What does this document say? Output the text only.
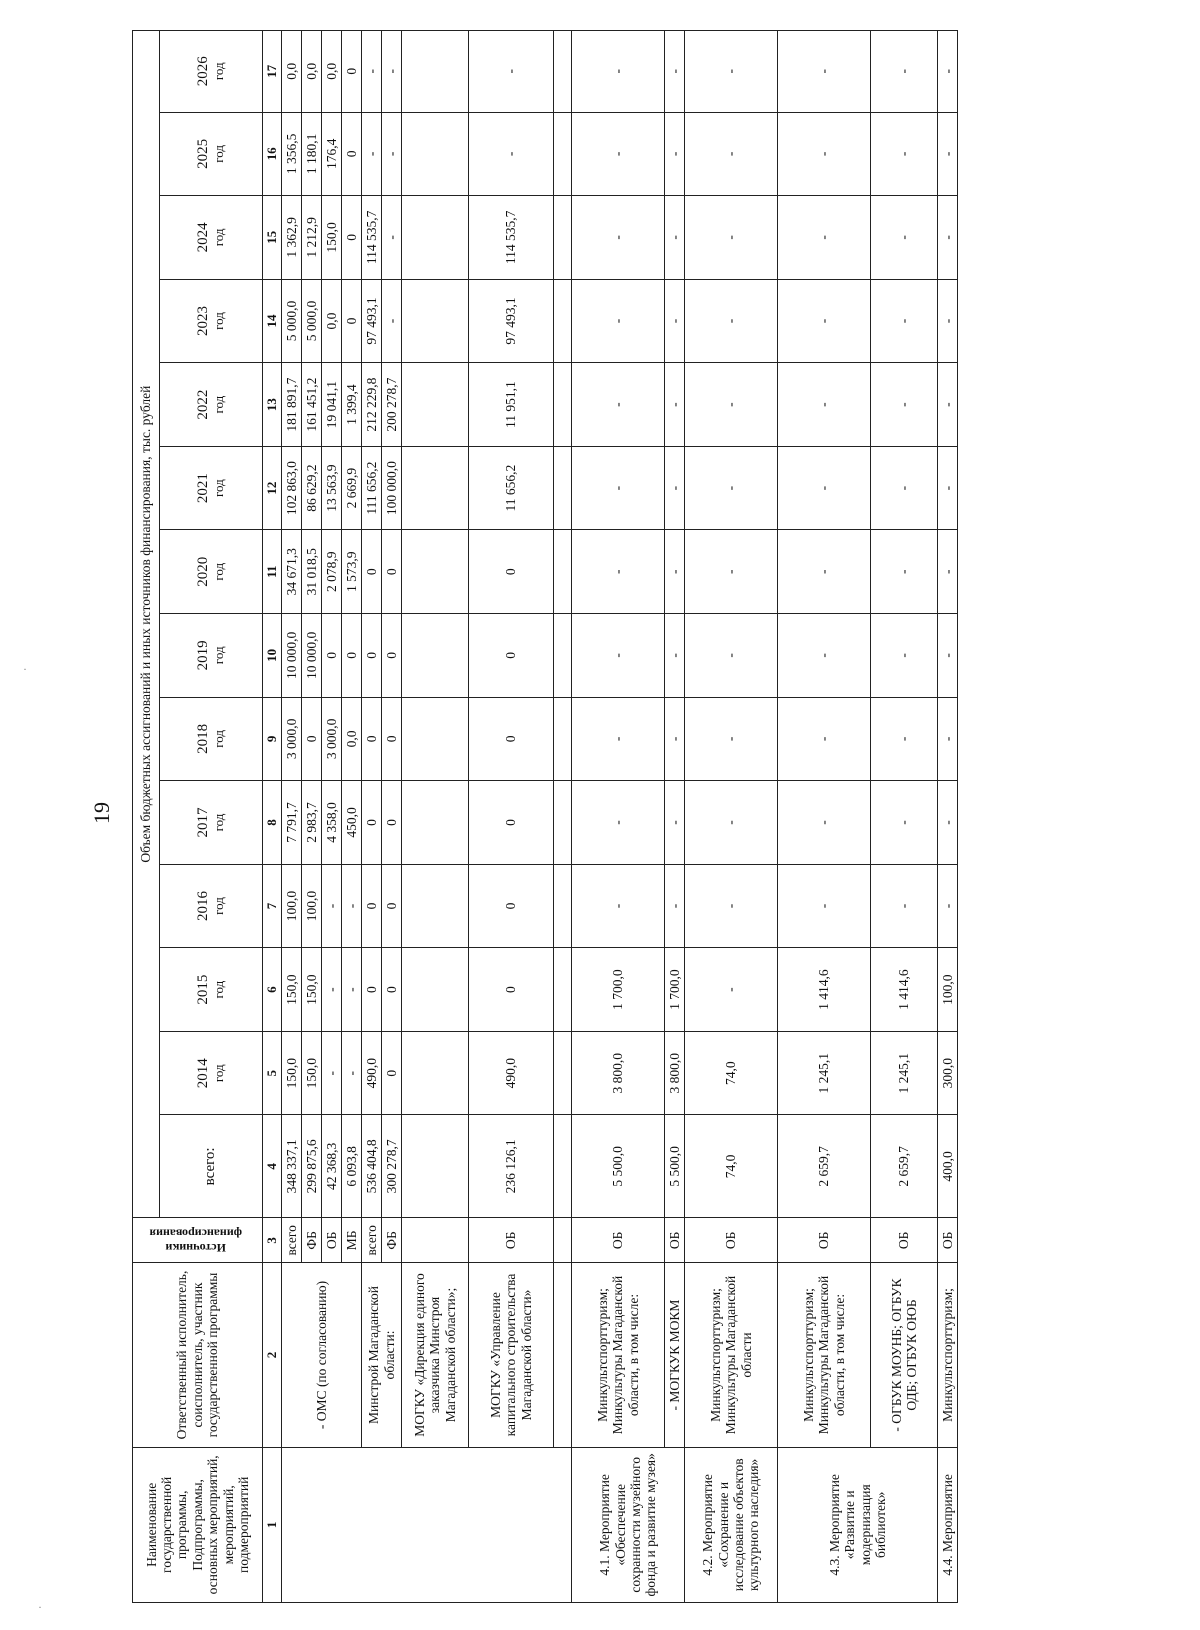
19
·
·
Наименование государственной программы, Подпрограммы, основных мероприятий, мероприятий, подмероприятий	Ответственный исполнитель, соисполнитель, участник государственной программы	Источники финансирования	Объем бюджетных ассигнований и иных источников финансирования, тыс. рублей													

			всего:	2014 год	2015 год	2016 год	2017 год	2018 год	2019 год	2020 год	2021 год	2022 год	2023 год	2024 год	2025 год	2026 год

1	2	3	4	5	6	7	8	9	10	11	12	13	14	15	16	17
	- ОМС (по согласованию)	всего	348 337,1	150,0	150,0	100,0	7 791,7	3 000,0	10 000,0	34 671,3	102 863,0	181 891,7	5 000,0	1 362,9	1 356,5	0,0
		ФБ	299 875,6	150,0	150,0	100,0	2 983,7	0	10 000,0	31 018,5	86 629,2	161 451,2	5 000,0	1 212,9	1 180,1	0,0
		ОБ	42 368,3	-	-	-	4 358,0	3 000,0	0	2 078,9	13 563,9	19 041,1	0,0	150,0	176,4	0,0
		МБ	6 093,8	-	-	-	450,0	0,0	0	1 573,9	2 669,9	1 399,4	0	0	0	0
	Минстрой Магаданской области:	всего	536 404,8	490,0	0	0	0	0	0	0	111 656,2	212 229,8	97 493,1	114 535,7	-	-
		ФБ	300 278,7	0	0	0	0	0	0	0	100 000,0	200 278,7	-	-	-	-
	МОГКУ «Дирекция единого заказчика Минстроя Магаданской области»;															
	МОГКУ «Управление капитального строительства Магаданской области»	ОБ	236 126,1	490,0	0	0	0	0	0	0	11 656,2	11 951,1	97 493,1	114 535,7	-	-

4.1. Мероприятие «Обеспечение сохранности музейного фонда и развитие музея»	Минкультспорттуризм; Минкультуры Магаданской области, в том числе:	ОБ	5 500,0	3 800,0	1 700,0	-	-	-	-	-	-	-	-	-	-	-
	- МОГКУК МОКМ	ОБ	5 500,0	3 800,0	1 700,0	-	-	-	-	-	-	-	-	-	-	-
4.2. Мероприятие «Сохранение и исследование объектов культурного наследия»	Минкультспорттуризм; Минкультуры Магаданской области	ОБ	74,0	74,0	-	-	-	-	-	-	-	-	-	-	-	-
4.3. Мероприятие «Развитие и модернизация библиотек»	Минкультспорттуризм; Минкультуры Магаданской области, в том числе:	ОБ	2 659,7	1 245,1	1 414,6	-	-	-	-	-	-	-	-	-	-	-
	- ОГБУК МОУНБ; ОГБУК ОДБ; ОГБУК ОЮБ	ОБ	2 659,7	1 245,1	1 414,6	-	-	-	-	-	-	-	-	-	-	-
4.4. Мероприятие	Минкультспорттуризм;	ОБ	400,0	300,0	100,0	-	-	-	-	-	-	-	-	-	-	-
